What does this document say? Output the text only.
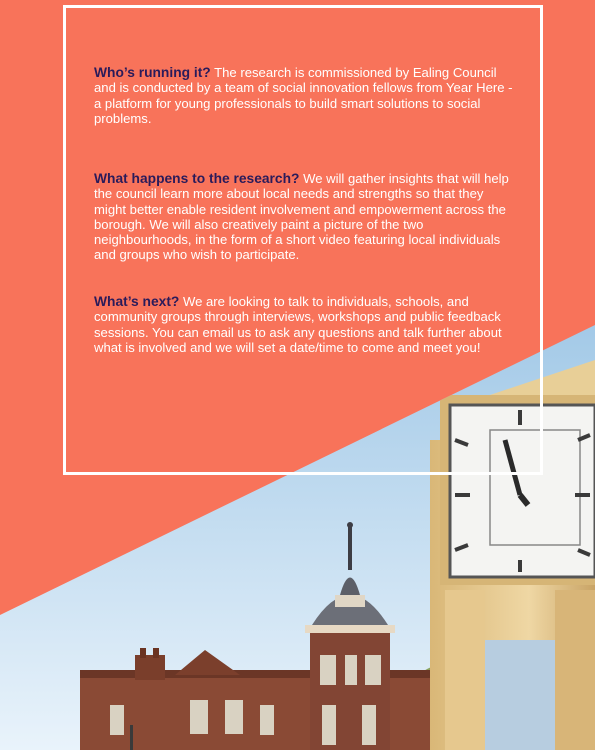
Who’s running it? The research is commissioned by Ealing Council and is conducted by a team of social innovation fellows from Year Here - a platform for young professionals to build smart solutions to social problems.

What happens to the research? We will gather insights that will help the council learn more about local needs and strengths so that they might better enable resident involvement and empowerment across the borough. We will also creatively paint a picture of the two neighbourhoods, in the form of a short video featuring local individuals and groups who wish to participate.

What’s next? We are looking to talk to individuals, schools, and community groups through interviews, workshops and public feedback sessions. You can email us to ask any questions and talk further about what is involved and we will set a date/time to come and meet you!
